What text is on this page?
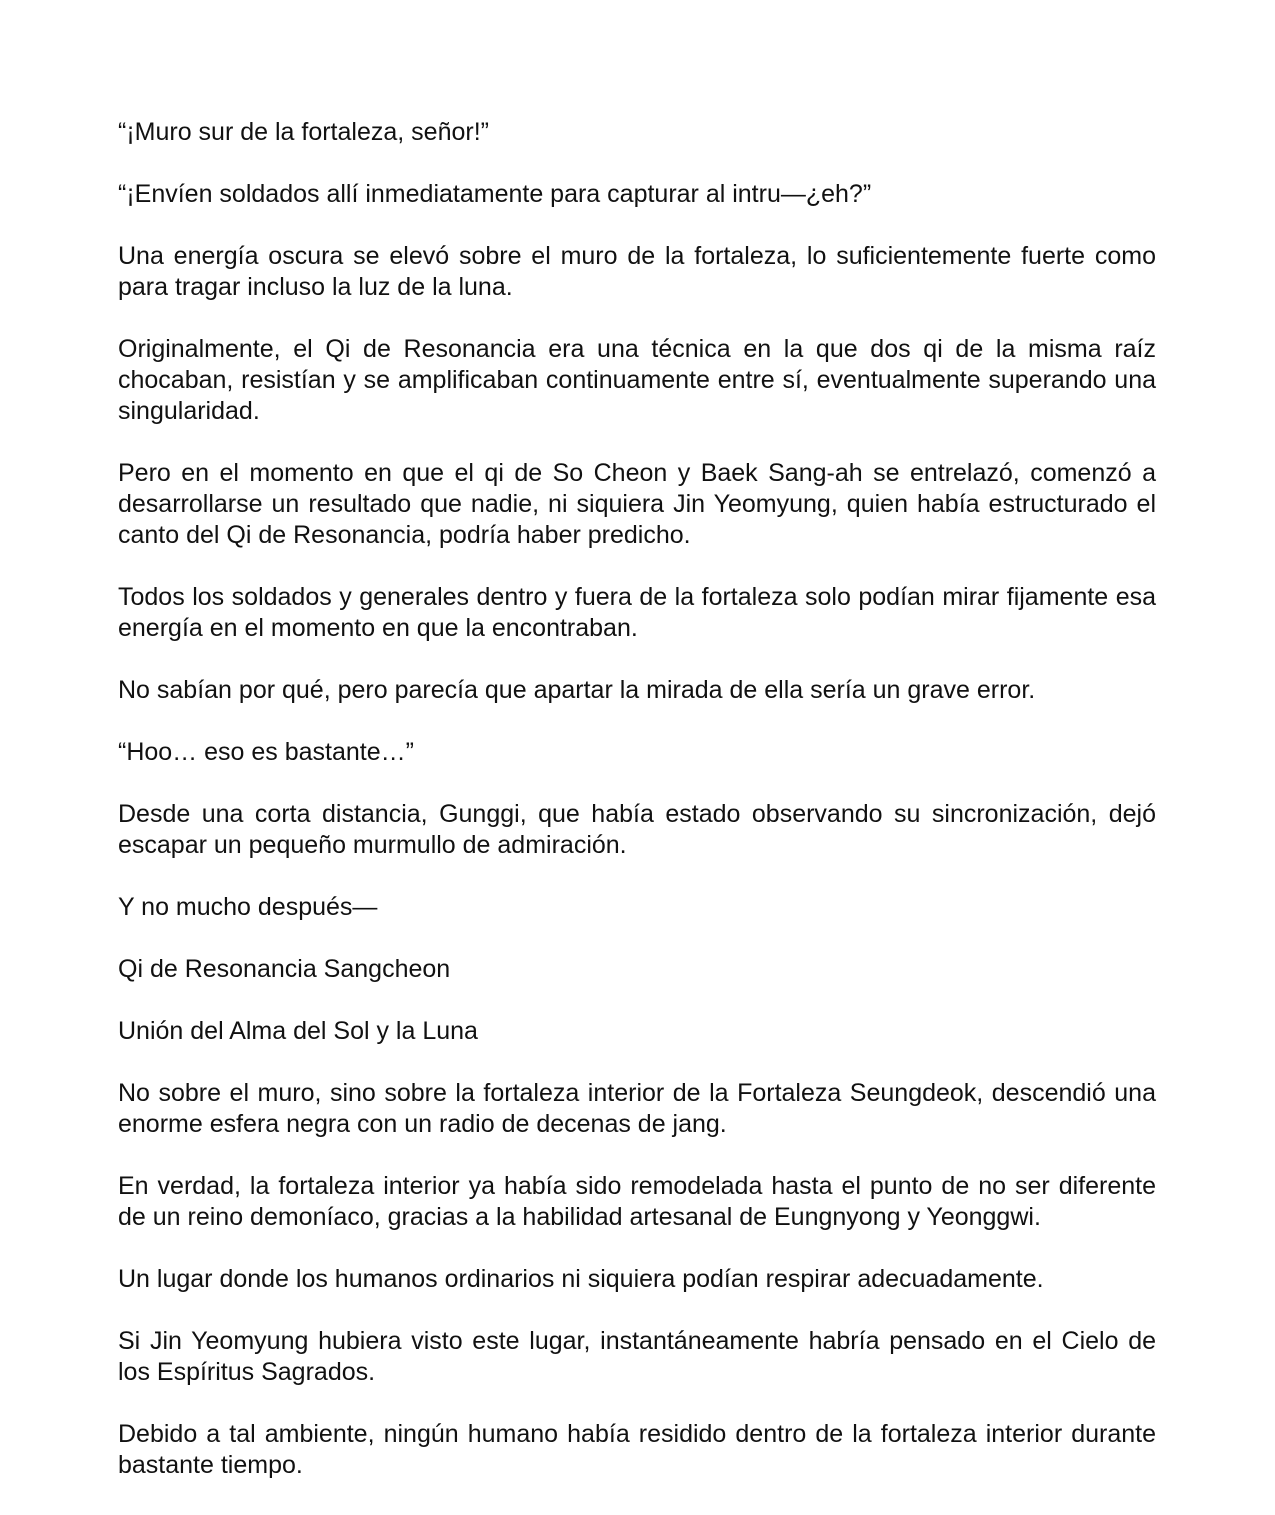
“¡Muro sur de la fortaleza, señor!”

“¡Envíen soldados allí inmediatamente para capturar al intru—¿eh?”

Una energía oscura se elevó sobre el muro de la fortaleza, lo suficientemente fuerte como para tragar incluso la luz de la luna.

Originalmente, el Qi de Resonancia era una técnica en la que dos qi de la misma raíz chocaban, resistían y se amplificaban continuamente entre sí, eventualmente superando una singularidad.

Pero en el momento en que el qi de So Cheon y Baek Sang-ah se entrelazó, comenzó a desarrollarse un resultado que nadie, ni siquiera Jin Yeomyung, quien había estructurado el canto del Qi de Resonancia, podría haber predicho.

Todos los soldados y generales dentro y fuera de la fortaleza solo podían mirar fijamente esa energía en el momento en que la encontraban.

No sabían por qué, pero parecía que apartar la mirada de ella sería un grave error.

“Hoo… eso es bastante…”

Desde una corta distancia, Gunggi, que había estado observando su sincronización, dejó escapar un pequeño murmullo de admiración.

Y no mucho después—

Qi de Resonancia Sangcheon

Unión del Alma del Sol y la Luna

No sobre el muro, sino sobre la fortaleza interior de la Fortaleza Seungdeok, descendió una enorme esfera negra con un radio de decenas de jang.

En verdad, la fortaleza interior ya había sido remodelada hasta el punto de no ser diferente de un reino demoníaco, gracias a la habilidad artesanal de Eungnyong y Yeonggwi.

Un lugar donde los humanos ordinarios ni siquiera podían respirar adecuadamente.

Si Jin Yeomyung hubiera visto este lugar, instantáneamente habría pensado en el Cielo de los Espíritus Sagrados.

Debido a tal ambiente, ningún humano había residido dentro de la fortaleza interior durante bastante tiempo.
